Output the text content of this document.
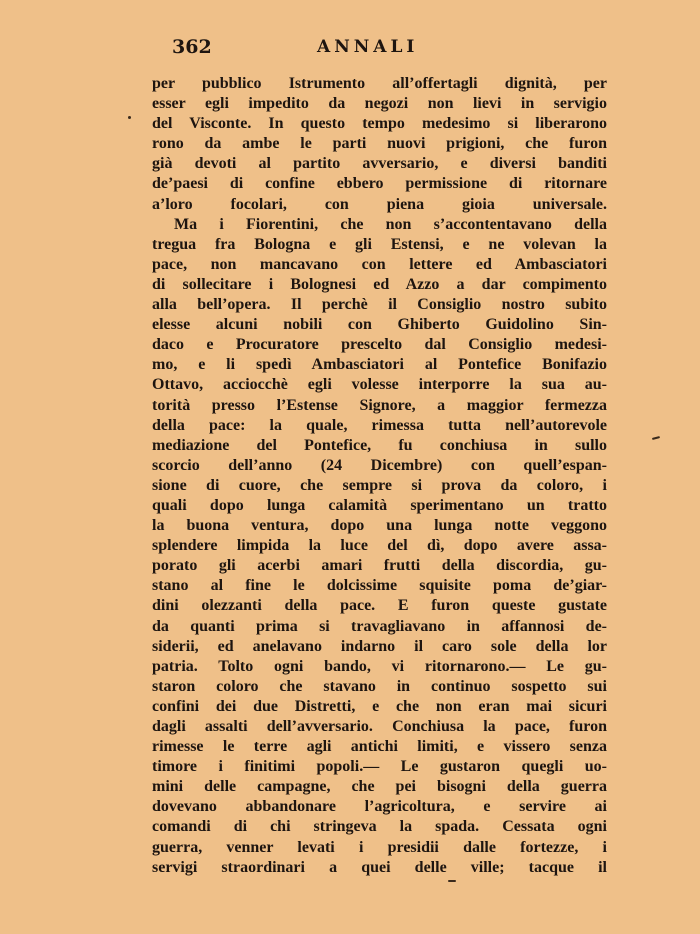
362	ANNALI
per pubblico Istrumento all’offertagli dignità, per
esser egli impedito da negozi non lievi in servigio
del Visconte. In questo tempo medesimo si liberarono
rono da ambe le parti nuovi prigioni, che furon
già devoti al partito avversario, e diversi banditi
de’paesi di confine ebbero permissione di ritornare
a’loro focolari, con piena gioia universale.
Ma i Fiorentini, che non s’accontentavano della
tregua fra Bologna e gli Estensi, e ne volevan la
pace, non mancavano con lettere ed Ambasciatori
di sollecitare i Bolognesi ed Azzo a dar compimento
alla bell’opera. Il perchè il Consiglio nostro subito
elesse alcuni nobili con Ghiberto Guidolino Sin-
daco e Procuratore prescelto dal Consiglio medesi-
mo, e li spedì Ambasciatori al Pontefice Bonifazio
Ottavo, acciocchè egli volesse interporre la sua au-
torità presso l’Estense Signore, a maggior fermezza
della pace: la quale, rimessa tutta nell’autorevole
mediazione del Pontefice, fu conchiusa in sullo
scorcio dell’anno (24 Dicembre) con quell’espan-
sione di cuore, che sempre si prova da coloro, i
quali dopo lunga calamità sperimentano un tratto
la buona ventura, dopo una lunga notte veggono
splendere limpida la luce del dì, dopo avere assa-
porato gli acerbi amari frutti della discordia, gu-
stano al fine le dolcissime squisite poma de’giar-
dini olezzanti della pace. E furon queste gustate
da quanti prima si travagliavano in affannosi de-
siderii, ed anelavano indarno il caro sole della lor
patria. Tolto ogni bando, vi ritornarono.— Le gu-
staron coloro che stavano in continuo sospetto sui
confini dei due Distretti, e che non eran mai sicuri
dagli assalti dell’avversario. Conchiusa la pace, furon
rimesse le terre agli antichi limiti, e vissero senza
timore i finitimi popoli.— Le gustaron quegli uo-
mini delle campagne, che pei bisogni della guerra
dovevano abbandonare l’agricoltura, e servire ai
comandi di chi stringeva la spada. Cessata ogni
guerra, venner levati i presidii dalle fortezze, i
servigi straordinari a quei delle ville; tacque il
